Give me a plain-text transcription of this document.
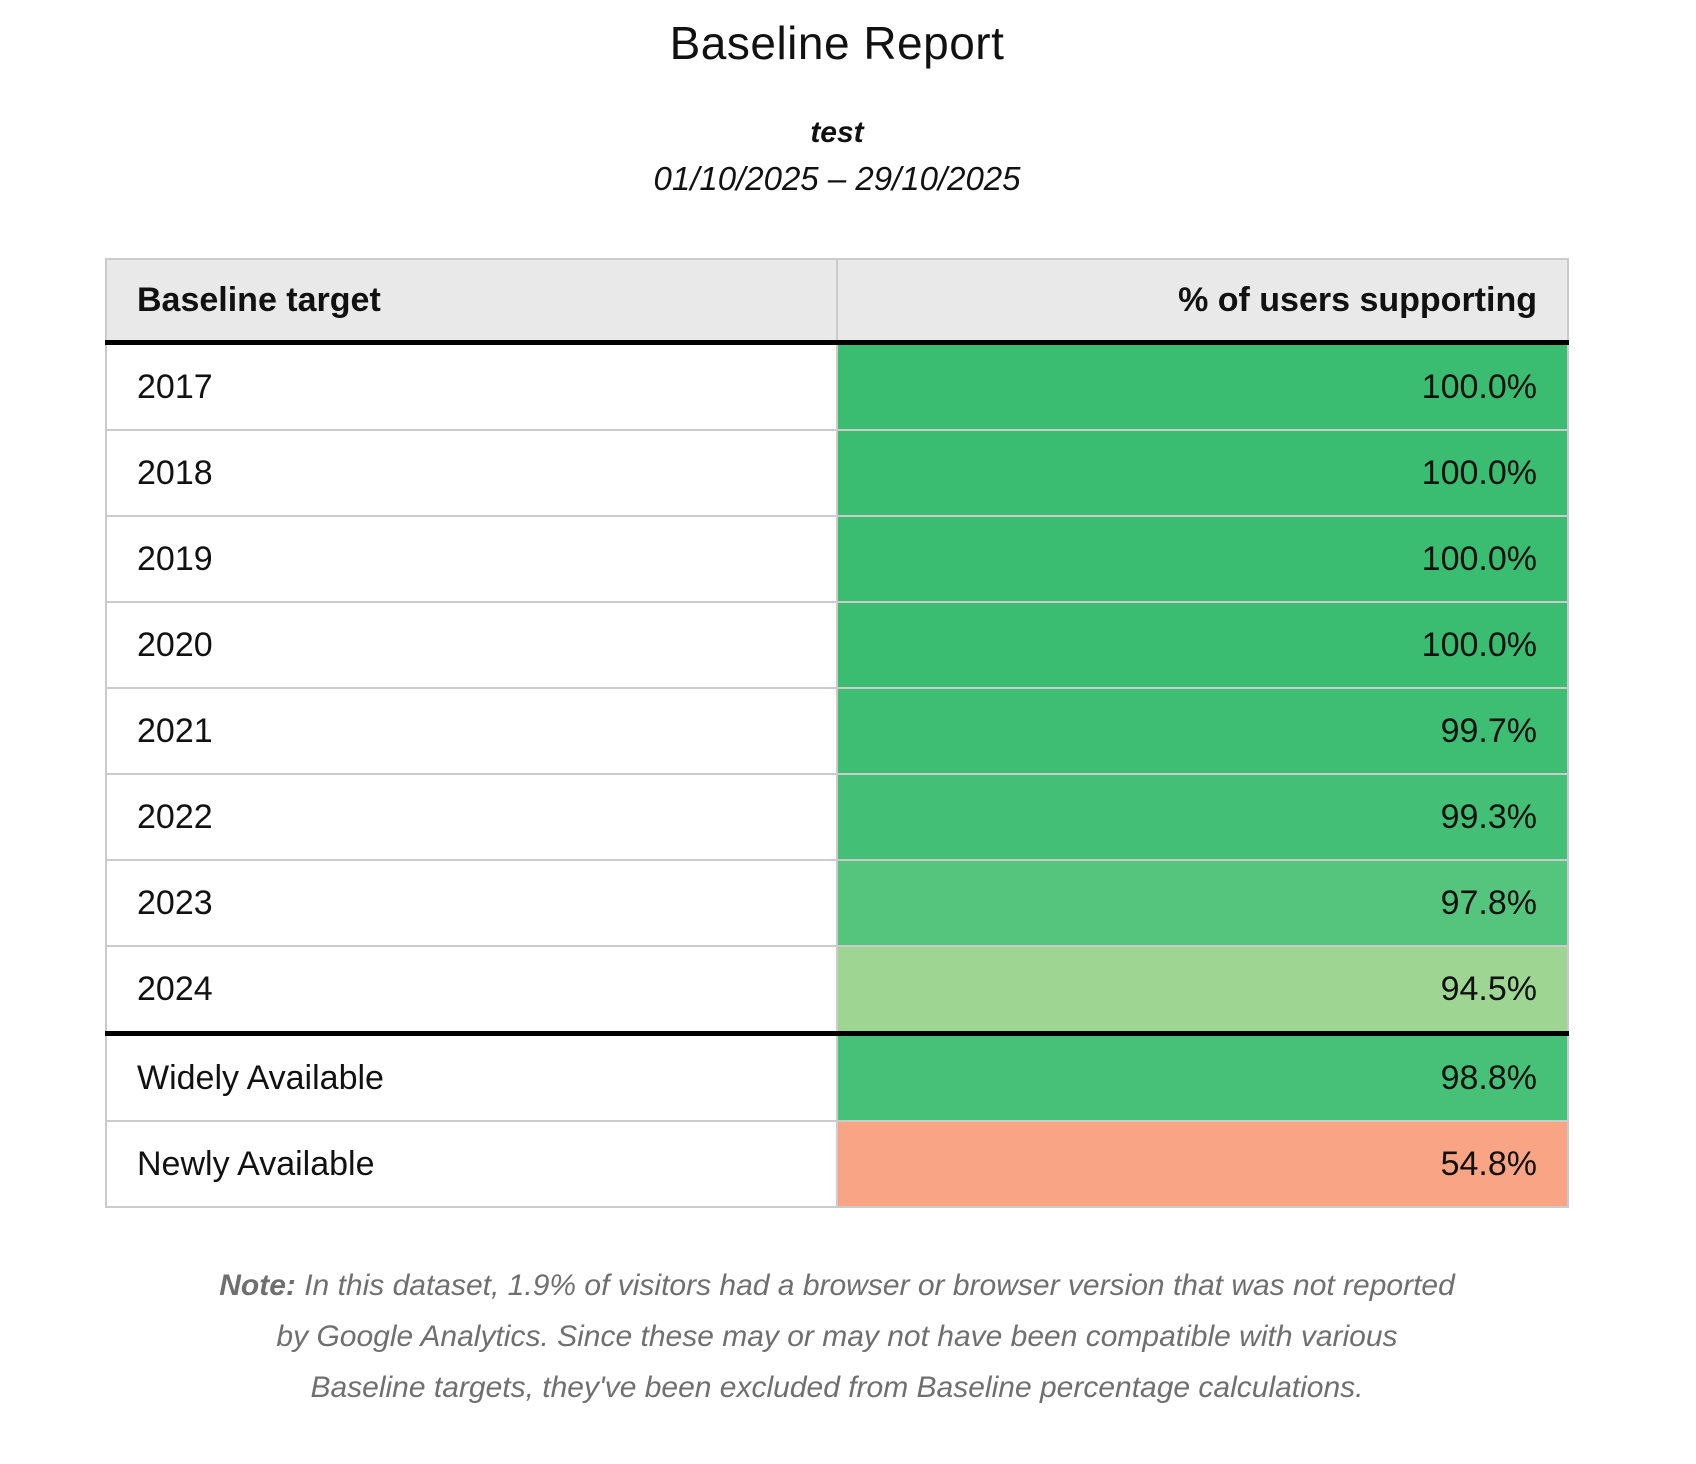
Baseline Report

test

01/10/2025 – 29/10/2025

Baseline target	% of users supporting
2017	100.0%
2018	100.0%
2019	100.0%
2020	100.0%
2021	99.7%
2022	99.3%
2023	97.8%
2024	94.5%
Widely Available	98.8%
Newly Available	54.8%

Note: In this dataset, 1.9% of visitors had a browser or browser version that was not reported by Google Analytics. Since these may or may not have been compatible with various Baseline targets, they've been excluded from Baseline percentage calculations.
